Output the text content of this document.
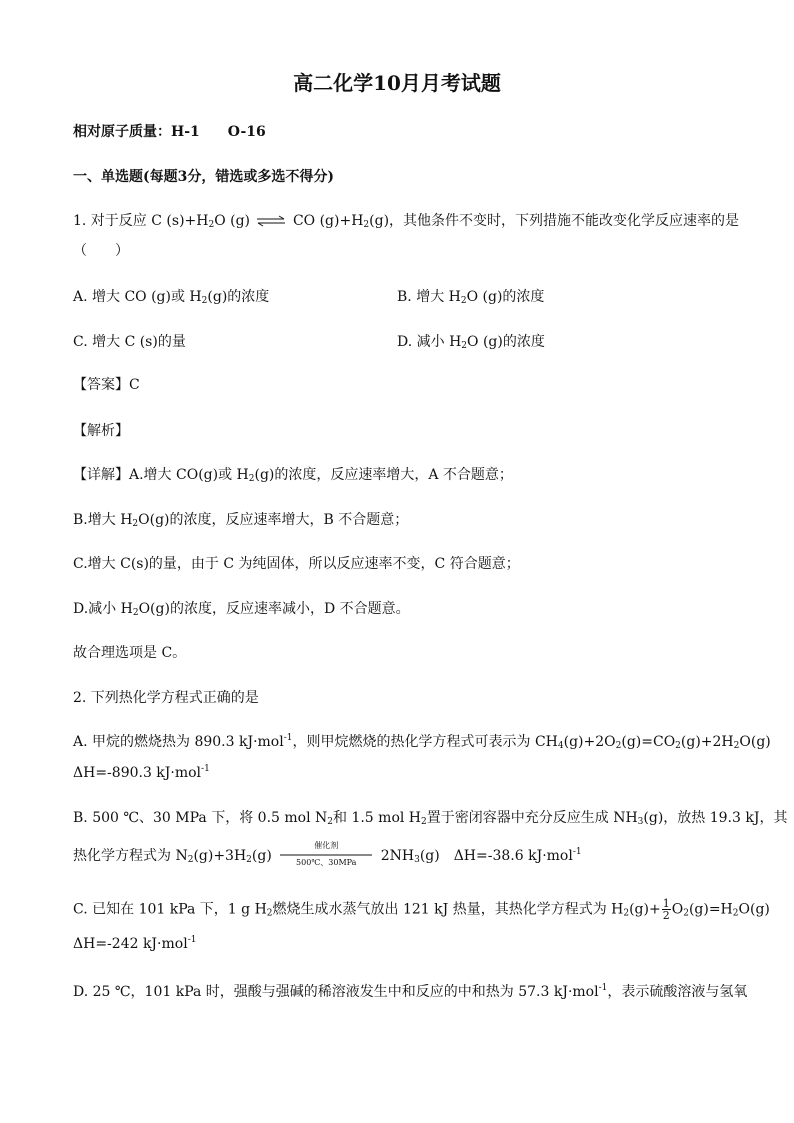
高二化学10月月考试题
相对原子质量：H-1　　O-16
一、单选题(每题3分，错选或多选不得分)
1. 对于反应 C $(s)+H_2O$ (g) ⇌ CO $(g)+H_2(g)$，其他条件不变时，下列措施不能改变化学反应速率的是
（　　）
A. 增大 CO (g)或 $H_2(g)$的浓度	B. 增大 $H_2O$ (g)的浓度
C. 增大 C (s)的量	D. 减小 $H_2O$ (g)的浓度
【答案】C
【解析】
【详解】A.增大 CO(g)或 $H_2(g)$的浓度，反应速率增大，A 不合题意；
B.增大 $H_2O(g)$的浓度，反应速率增大，B 不合题意；
C.增大 C(s)的量，由于 C 为纯固体，所以反应速率不变，C 符合题意；
D.减小 $H_2O(g)$的浓度，反应速率减小，D 不合题意。
故合理选项是 C。
2. 下列热化学方程式正确的是
A. 甲烷的燃烧热为 890.3 kJ·mol$^{-1}$，则甲烷燃烧的热化学方程式可表示为 $CH_4(g)+2O_2(g)=CO_2(g)+2H_2O(g)$
ΔH=-890.3 kJ·mol$^{-1}$
B. 500 ℃、30 MPa 下，将 0.5 mol $N_2$和 1.5 mol $H_2$置于密闭容器中充分反应生成 $NH_3(g)$，放热 19.3 kJ，其
热化学方程式为 $N_2(g)+3H_2(g)$
催化剂
500℃、30MPa	$2NH_3(g)$　ΔH=-38.6 kJ·mol$^{-1}$
C. 已知在 101 kPa 下，1 g $H_2$燃烧生成水蒸气放出 121 kJ 热量，其热化学方程式为 $H_2(g)+ \frac{1}{2} O_2(g)=H_2O(g)$
ΔH=-242 kJ·mol$^{-1}$
D. 25 ℃，101 kPa 时，强酸与强碱的稀溶液发生中和反应的中和热为 57.3 kJ·mol$^{-1}$，表示硫酸溶液与氢氧
